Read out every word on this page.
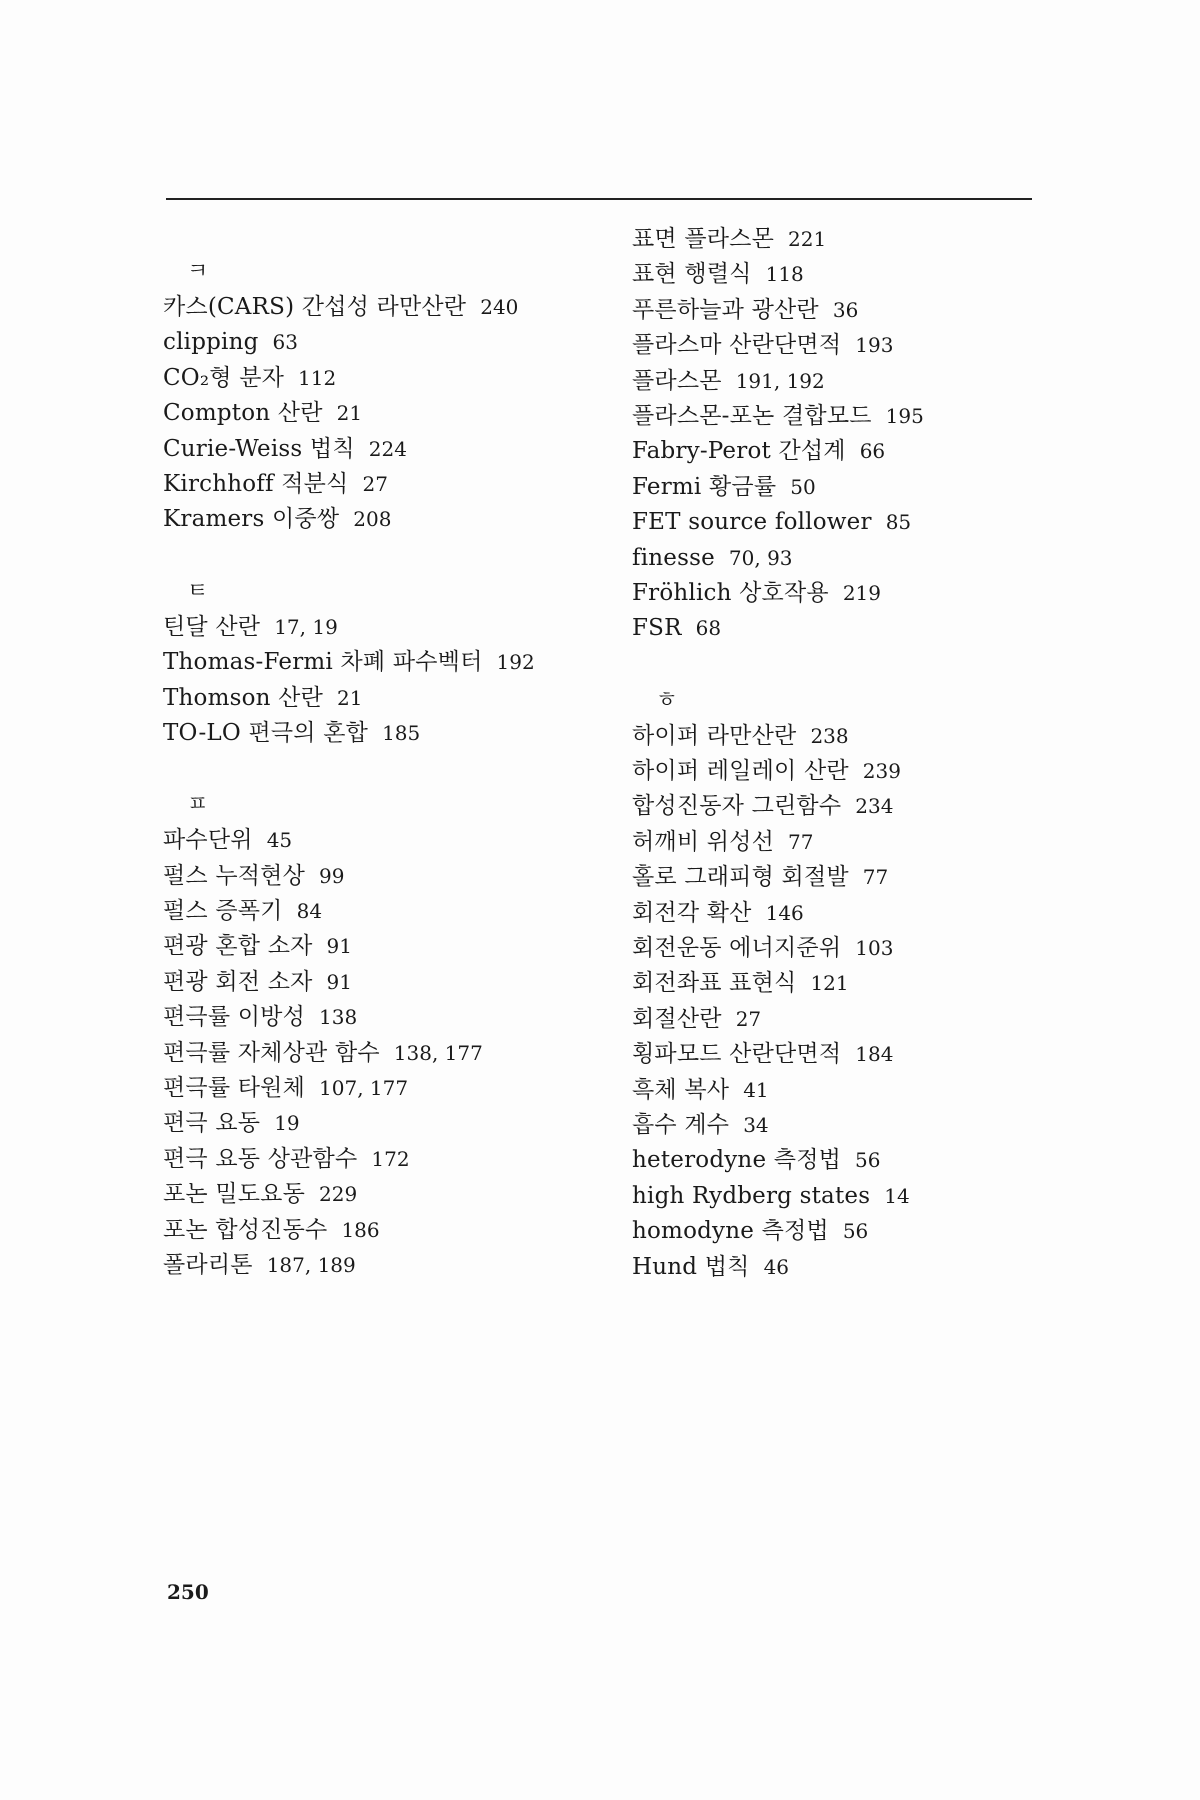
ㅋ
카스(CARS) 간섭성 라만산란 240
clipping 63
CO₂형 분자 112
Compton 산란 21
Curie-Weiss 법칙 224
Kirchhoff 적분식 27
Kramers 이중쌍 208
ㅌ
틴달 산란 17, 19
Thomas-Fermi 차폐 파수벡터 192
Thomson 산란 21
TO-LO 편극의 혼합 185
ㅍ
파수단위 45
펄스 누적현상 99
펄스 증폭기 84
편광 혼합 소자 91
편광 회전 소자 91
편극률 이방성 138
편극률 자체상관 함수 138, 177
편극률 타원체 107, 177
편극 요동 19
편극 요동 상관함수 172
포논 밀도요동 229
포논 합성진동수 186
폴라리톤 187, 189
표면 플라스몬 221
표현 행렬식 118
푸른하늘과 광산란 36
플라스마 산란단면적 193
플라스몬 191, 192
플라스몬-포논 결합모드 195
Fabry-Perot 간섭계 66
Fermi 황금률 50
FET source follower 85
finesse 70, 93
Fröhlich 상호작용 219
FSR 68
ㅎ
하이퍼 라만산란 238
하이퍼 레일레이 산란 239
합성진동자 그린함수 234
허깨비 위성선 77
홀로 그래피형 회절발 77
회전각 확산 146
회전운동 에너지준위 103
회전좌표 표현식 121
회절산란 27
횡파모드 산란단면적 184
흑체 복사 41
흡수 계수 34
heterodyne 측정법 56
high Rydberg states 14
homodyne 측정법 56
Hund 법칙 46
250
